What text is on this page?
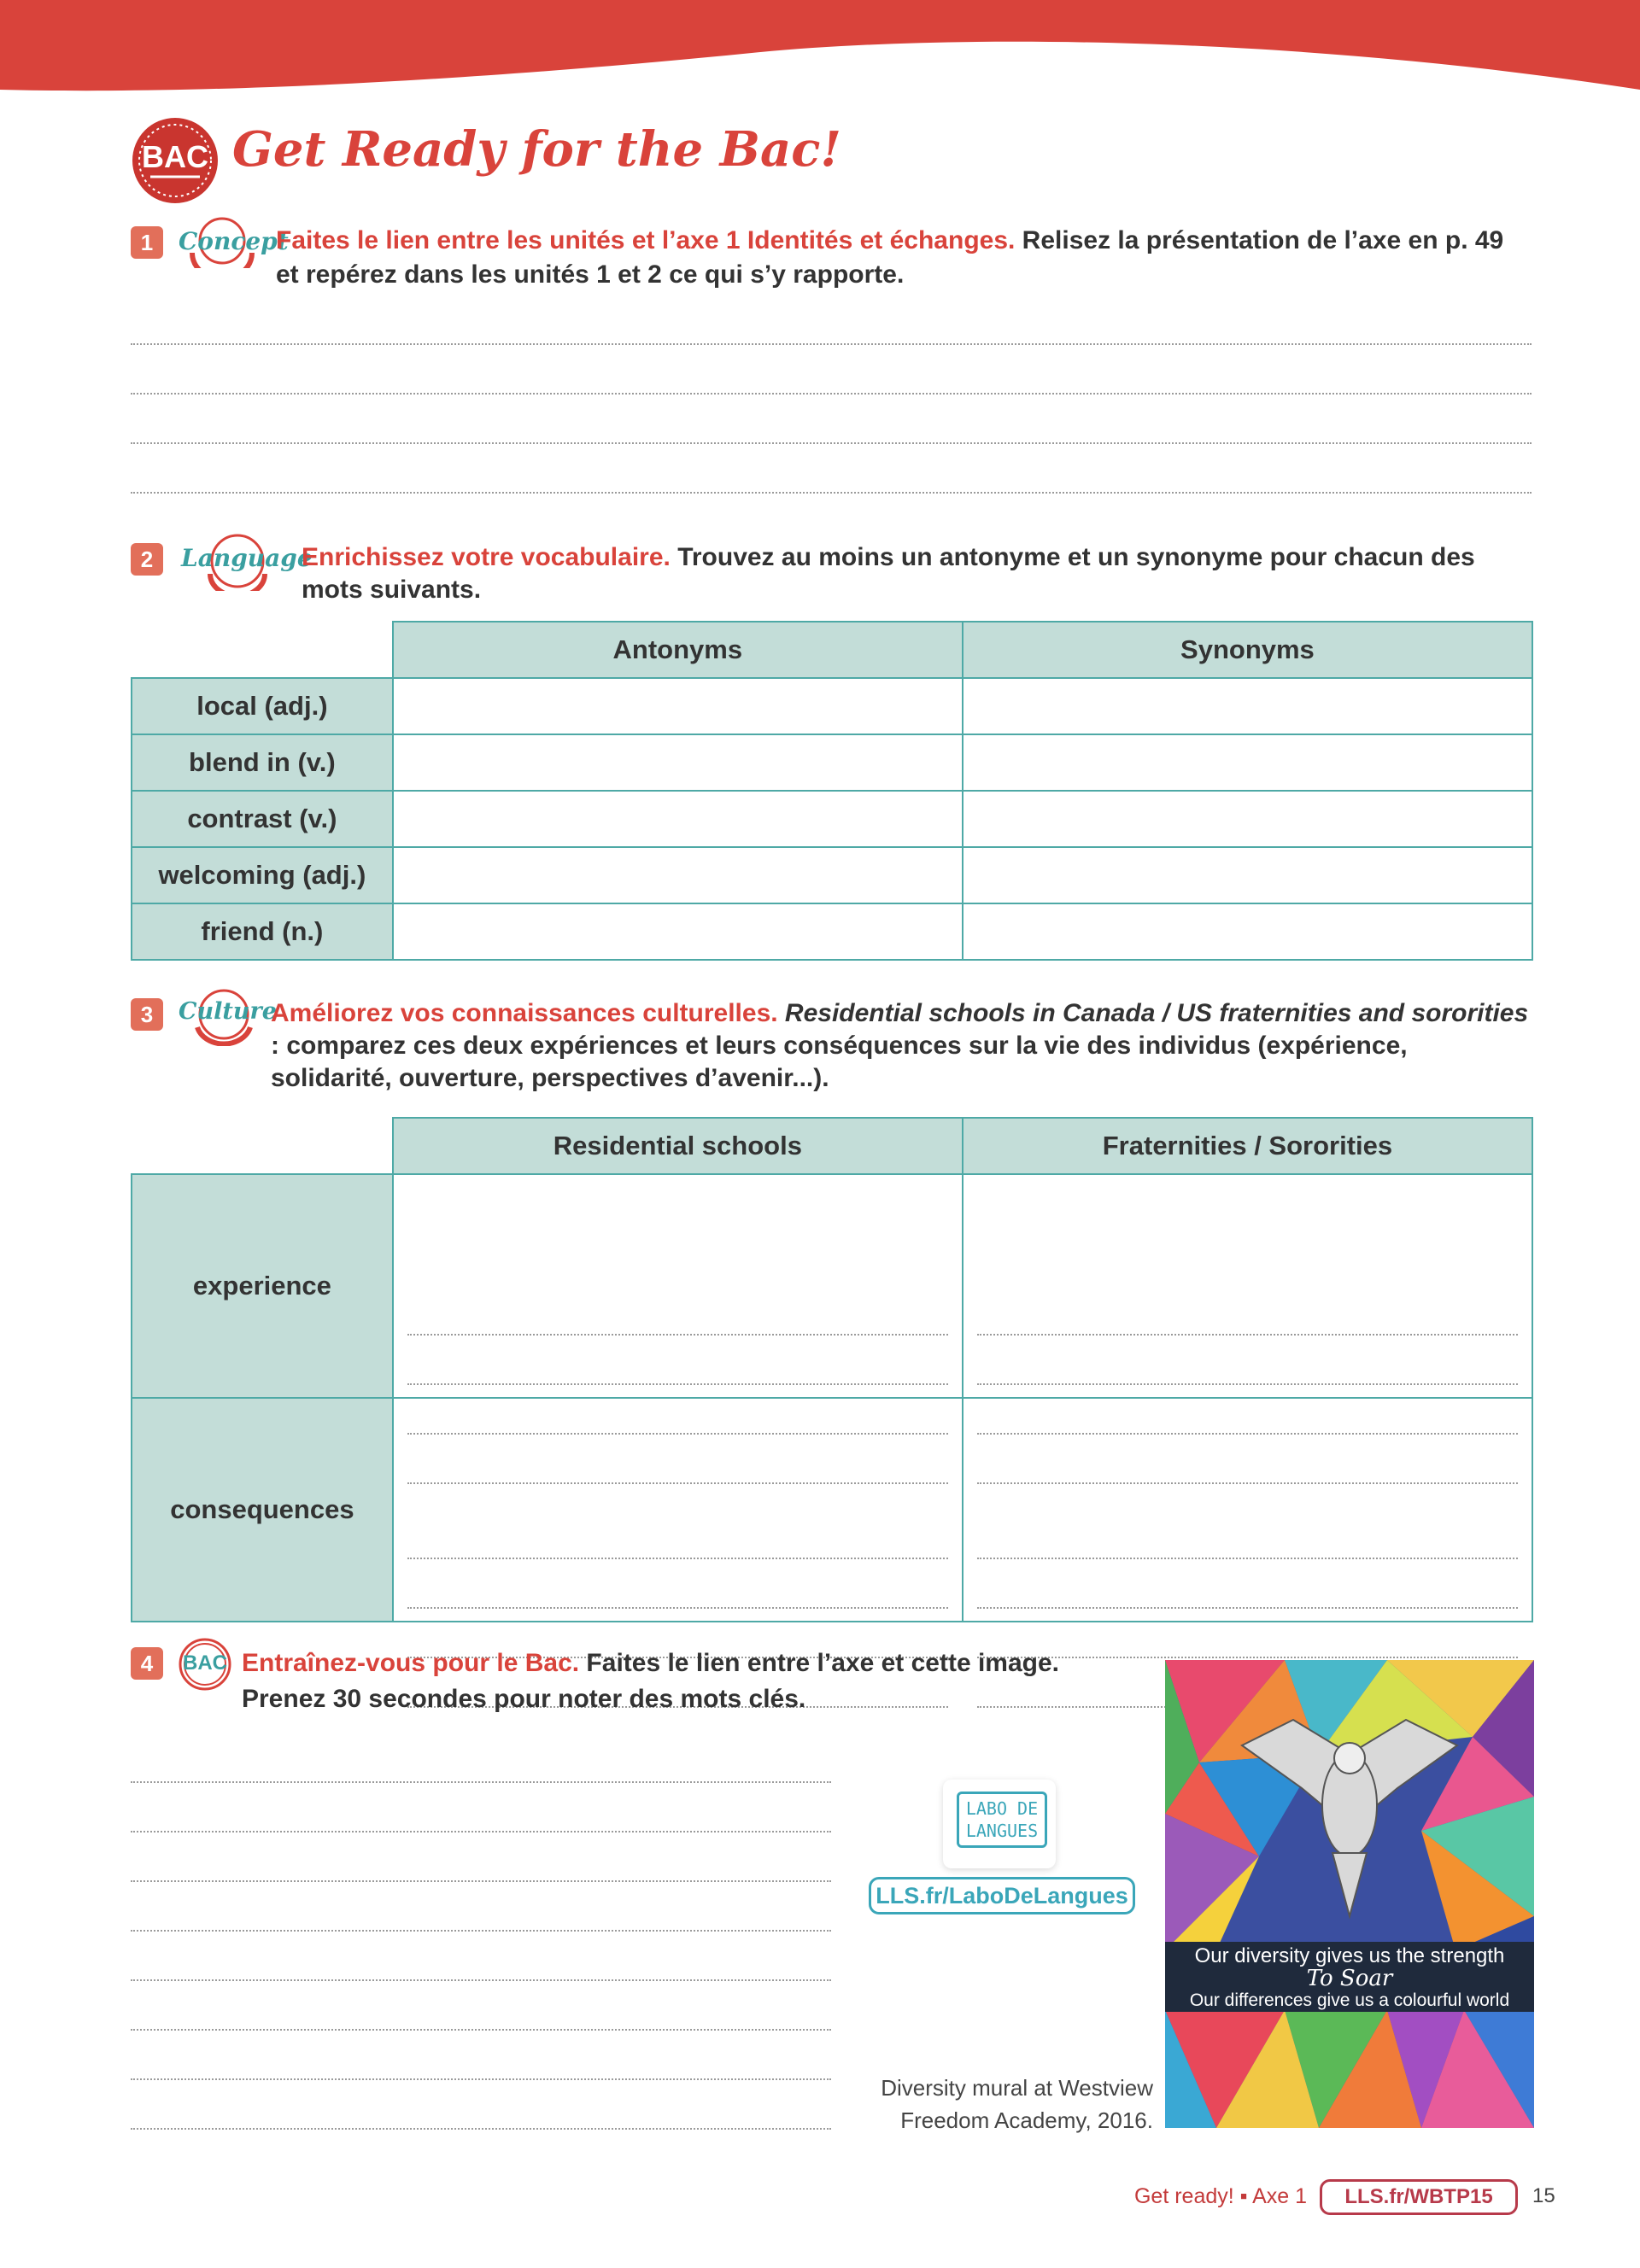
BAC Get Ready for the Bac!
1	Concept
Faites le lien entre les unités et l’axe 1 Identités et échanges. Relisez la présentation de l’axe en p. 49 et repérez dans les unités 1 et 2 ce qui s’y rapporte.
2	Language
Enrichissez votre vocabulaire. Trouvez au moins un antonyme et un synonyme pour chacun des mots suivants.
	Antonyms	Synonyms
local (adj.)		
blend in (v.)		
contrast (v.)		
welcoming (adj.)		
friend (n.)		
3	Culture
Améliorez vos connaissances culturelles. Residential schools in Canada / US fraternities and sororities : comparez ces deux expériences et leurs conséquences sur la vie des individus (expérience, solidarité, ouverture, perspectives d’avenir...).
	Residential schools	Fraternities / Sororities
experience	

consequences	

4	BAC Entraînez-vous pour le Bac. Faites le lien entre l’axe et cette image.
Prenez 30 secondes pour noter des mots clés.
LABO DE LANGUES
LLS.fr/LaboDeLangues
Diversity mural at Westview
Freedom Academy, 2016.
Our diversity gives us the strength
To Soar
Our differences give us a colourful world
Get ready! ▪ Axe 1	LLS.fr/WBTP15	15
